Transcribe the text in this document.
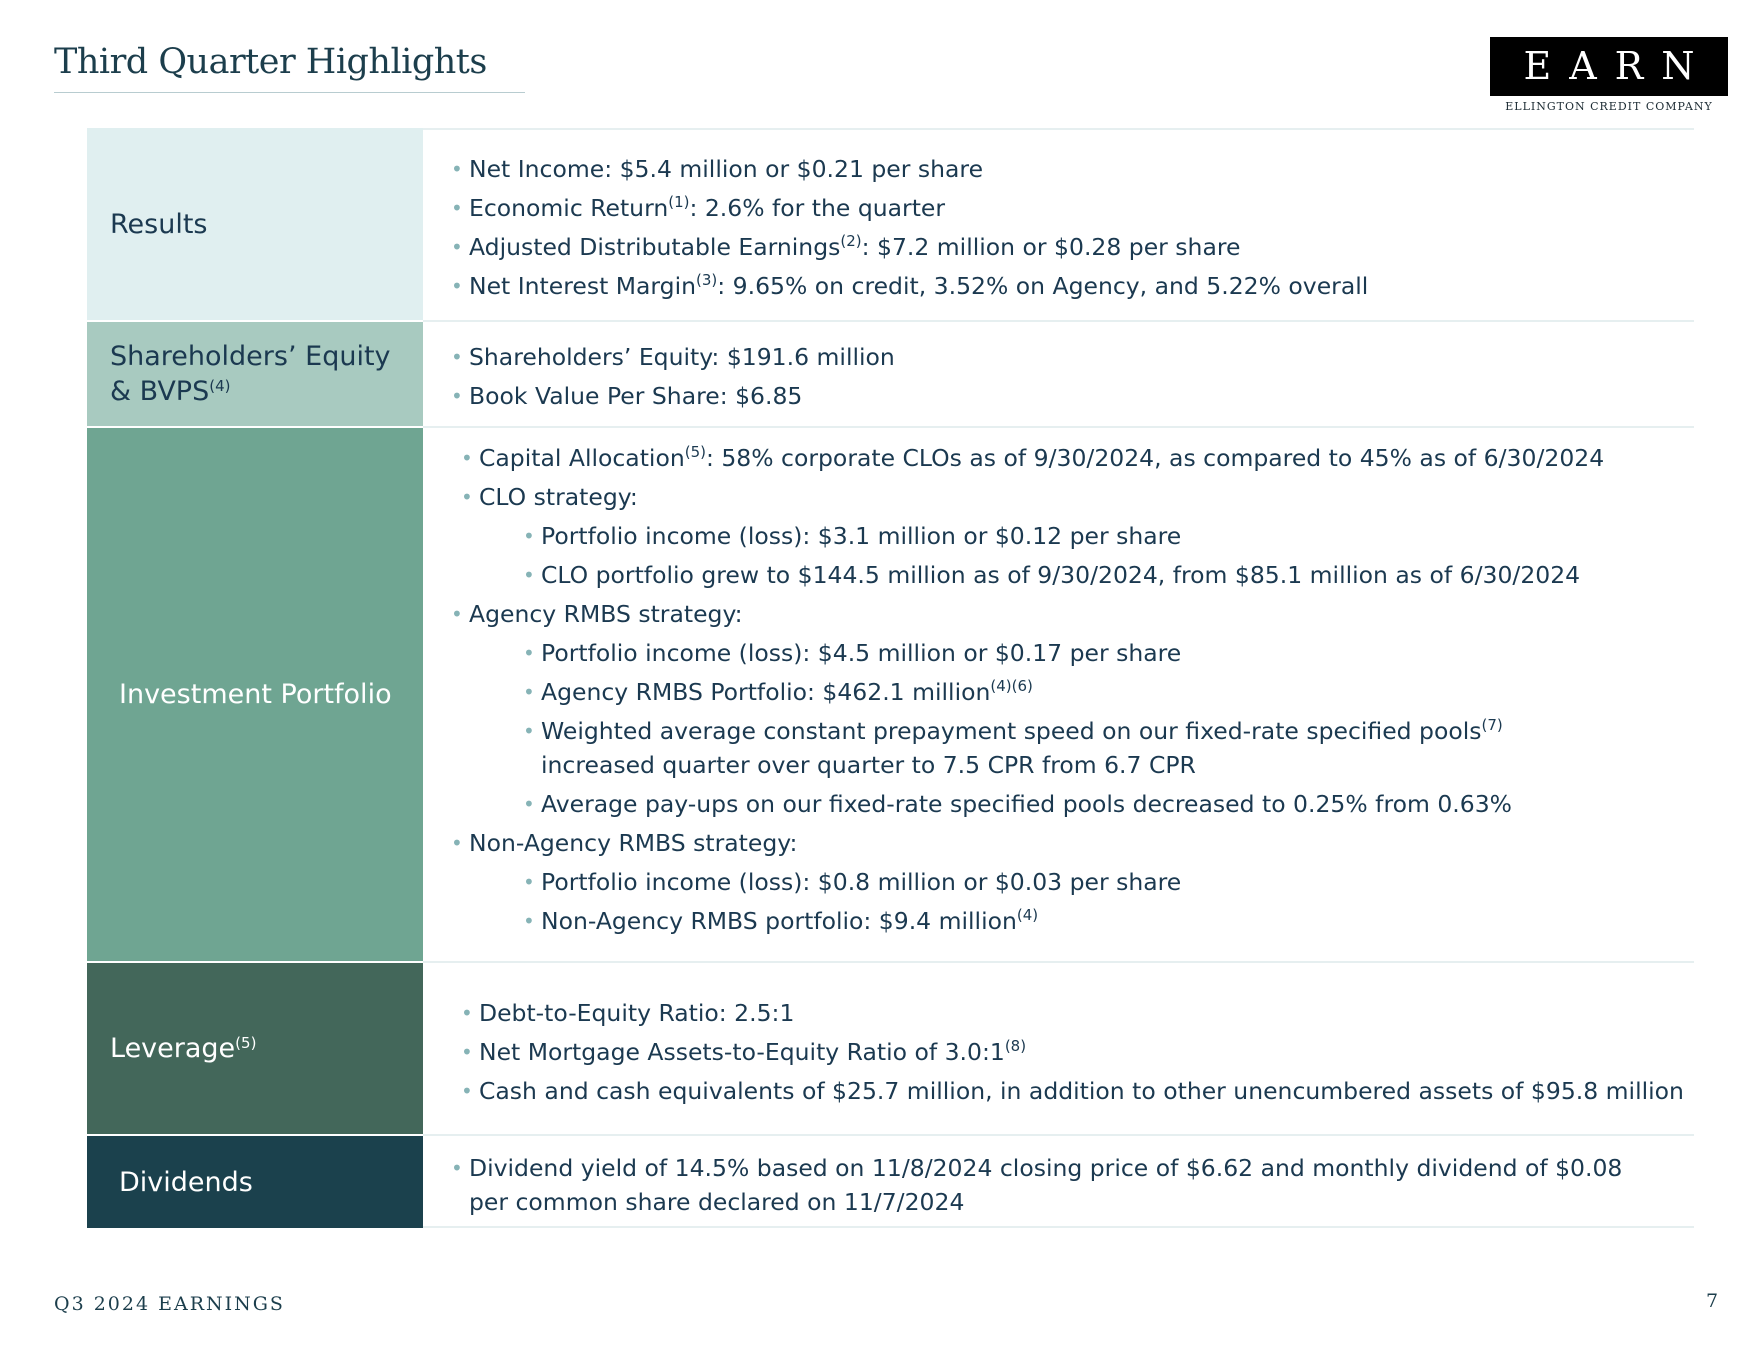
Third Quarter Highlights	EARN
ELLINGTON CREDIT COMPANY
Results
• Net Income: $5.4 million or $0.21 per share
• Economic Return$^{(1)}$: 2.6% for the quarter
• Adjusted Distributable Earnings$^{(2)}$: $7.2 million or $0.28 per share
• Net Interest Margin$^{(3)}$: 9.65% on credit, 3.52% on Agency, and 5.22% overall
Shareholders’ Equity
& BVPS$^{(4)}$
• Shareholders’ Equity: $191.6 million
• Book Value Per Share: $6.85
Investment Portfolio
• Capital Allocation$^{(5)}$: 58% corporate CLOs as of 9/30/2024, as compared to 45% as of 6/30/2024
• CLO strategy:
• Portfolio income (loss): $3.1 million or $0.12 per share
• CLO portfolio grew to $144.5 million as of 9/30/2024, from $85.1 million as of 6/30/2024
• Agency RMBS strategy:
• Portfolio income (loss): $4.5 million or $0.17 per share
• Agency RMBS Portfolio: $462.1 million$^{(4)(6)}$
• Weighted average constant prepayment speed on our fixed-rate specified pools$^{(7)}$ increased quarter over quarter to 7.5 CPR from 6.7 CPR
• Average pay-ups on our fixed-rate specified pools decreased to 0.25% from 0.63%
• Non-Agency RMBS strategy:
• Portfolio income (loss): $0.8 million or $0.03 per share
• Non-Agency RMBS portfolio: $9.4 million$^{(4)}$
Leverage$^{(5)}$
• Debt-to-Equity Ratio: 2.5:1
• Net Mortgage Assets-to-Equity Ratio of 3.0:1$^{(8)}$
• Cash and cash equivalents of $25.7 million, in addition to other unencumbered assets of $95.8 million
Dividends
•	Dividend yield of 14.5% based on 11/8/2024 closing price of $6.62 and monthly dividend of $0.08 per common share declared on 11/7/2024
Q3 2024 EARNINGS	7
